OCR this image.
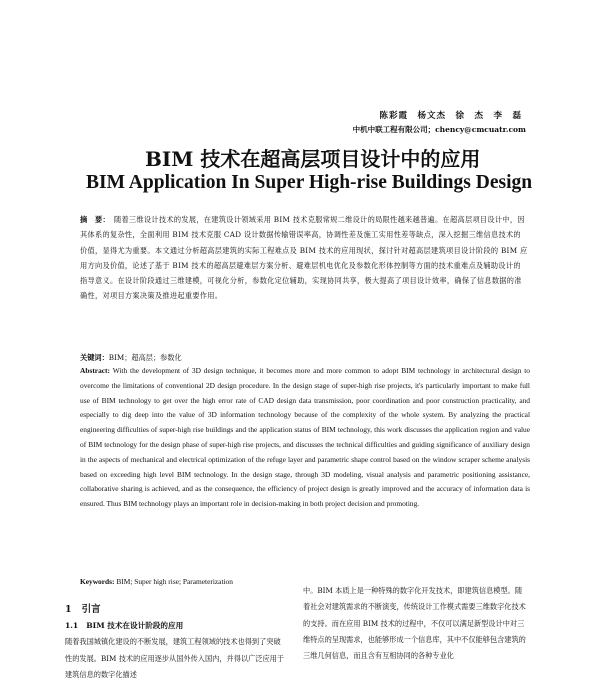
陈彩霞　杨文杰　徐　杰　李　磊
中机中联工程有限公司；chency@cmcuatr.com
BIM 技术在超高层项目设计中的应用
BIM Application In Super High-rise Buildings Design
摘　要： 随着三维设计技术的发展，在建筑设计领域采用 BIM 技术克服常规二维设计的局限性越来越普遍。在超高层项目设计中，因其体系的复杂性，全面利用 BIM 技术克服 CAD 设计数据传输错误率高，协调性差及施工实用性差等缺点，深入挖掘三维信息技术的价值，显得尤为重要。本文通过分析超高层建筑的实际工程难点及 BIM 技术的应用现状，探讨针对超高层建筑项目设计阶段的 BIM 应用方向及价值，论述了基于 BIM 技术的超高层避难层方案分析、避难层机电优化及参数化形体控制等方面的技术重难点及辅助设计的指导意义。在设计阶段通过三维建模，可视化分析，参数化定位辅助，实现协同共享，极大提高了项目设计效率，确保了信息数据的准确性，对项目方案决策及推进起重要作用。
关键词：BIM；超高层；参数化
Abstract: With the development of 3D design technique, it becomes more and more common to adopt BIM technology in architectural design to overcome the limitations of conventional 2D design procedure. In the design stage of super-high rise projects, it's particularly important to make full use of BIM technology to get over the high error rate of CAD design data transmission, poor coordination and poor construction practicality, and especially to dig deep into the value of 3D information technology because of the complexity of the whole system. By analyzing the practical engineering difficulties of super-high rise buildings and the application status of BIM technology, this work discusses the application region and value of BIM technology for the design phase of super-high rise projects, and discusses the technical difficulties and guiding significance of auxiliary design in the aspects of mechanical and electrical optimization of the refuge layer and parametric shape control based on the window scraper scheme analysis based on exceeding high level BIM technology. In the design stage, through 3D modeling, visual analysis and parametric positioning assistance, collaborative sharing is achieved, and as the consequence, the efficiency of project design is greatly improved and the accuracy of information data is ensured. Thus BIM technology plays an important role in decision-making in both project decision and promoting.
Keywords: BIM; Super high rise; Parameterization
1 引言
1.1 BIM 技术在设计阶段的应用
随着我国城镇化建设的不断发展，建筑工程领域的技术也得到了突破性的发展。BIM 技术的应用逐步从国外传入国内，并得以广泛应用于建筑信息的数字化描述
中。BIM 本质上是一种特殊的数字化开发技术，即建筑信息模型。随着社会对建筑需求的不断演变，传统设计工作模式需要三维数字化技术的支持。而在应用 BIM 技术的过程中，不仅可以满足新型设计中对三维特点的呈现需求，也能够形成一个信息库，其中不仅能够包含建筑的三维几何信息，而且含有互相协同的各种专业化
